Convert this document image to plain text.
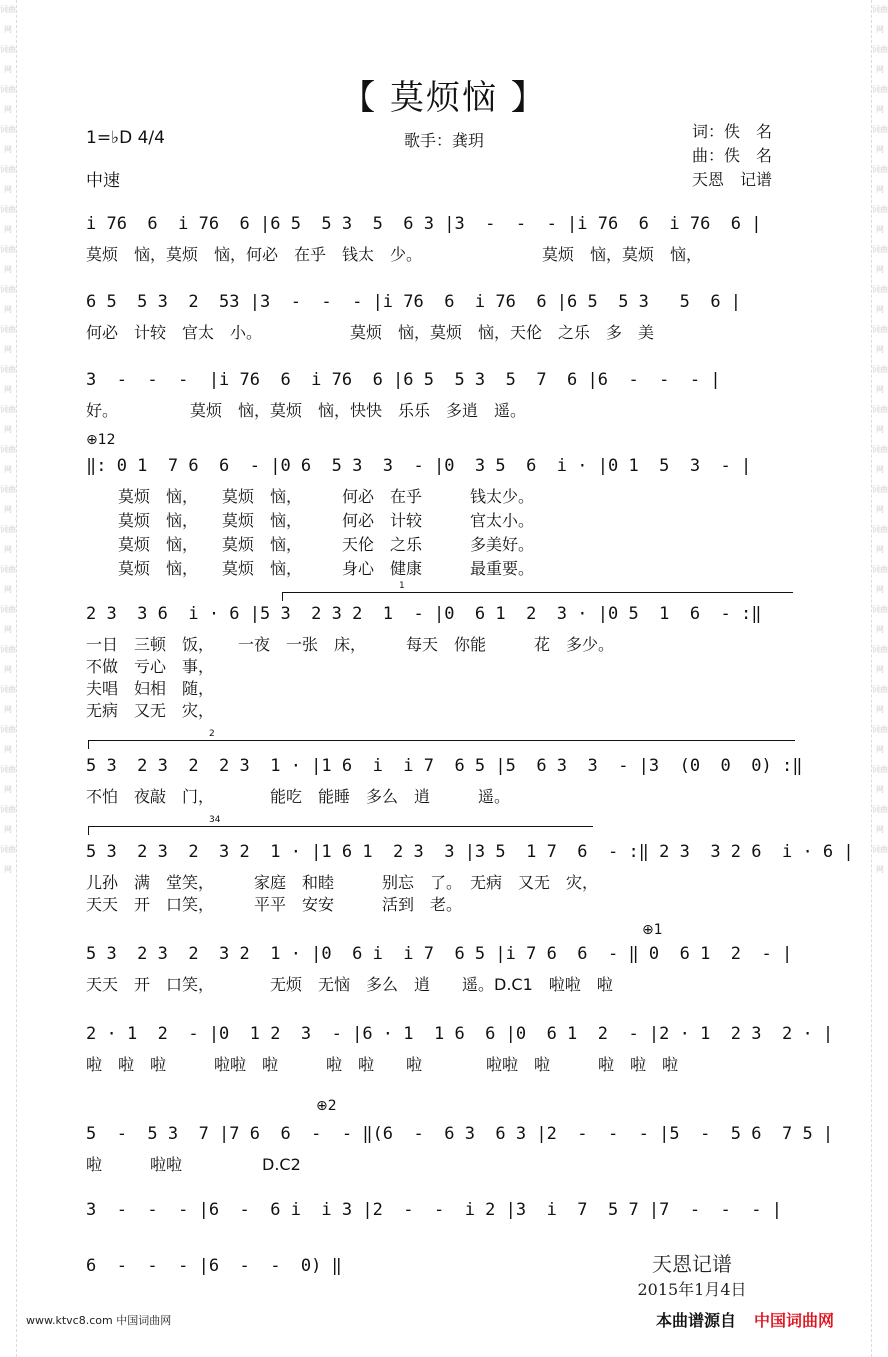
词曲网
词曲网
词曲网
词曲网
词曲网
词曲网
词曲网
词曲网
词曲网
词曲网
词曲网
词曲网
词曲网
词曲网
词曲网
词曲网
词曲网
词曲网
词曲网
词曲网
词曲网
词曲网
词曲网
词曲网
词曲网
词曲网
词曲网
词曲网
词曲网
词曲网
词曲网
词曲网
词曲网
词曲网
词曲网
词曲网
词曲网
词曲网
词曲网
词曲网
词曲网
词曲网
词曲网
词曲网
【 莫烦恼 】
1=♭D 4/4
中速
歌手：龚玥	词：佚　名
曲：佚　名
天恩　记谱
i 76  6  i 76  6 |6 5  5 3  5  6 3 |3  -  -  - |i 76  6  i 76  6 |
莫烦　恼，莫烦　恼，何必　在乎　钱太　少。　　　　　　　　莫烦　恼，莫烦　恼，
6 5  5 3  2  53 |3  -  -  - |i 76  6  i 76  6 |6 5  5 3   5  6 |
何必　计较　官太　小。　　　　　　莫烦　恼，莫烦　恼，天伦　之乐　多　美
3  -  -  -  |i 76  6  i 76  6 |6 5  5 3  5  7  6 |6  -  -  - |
好。　　　　　莫烦　恼，莫烦　恼，快快　乐乐　多逍　遥。
‖: 0 1  7 6  6  - |0 6  5 3  3  - |0  3 5  6  i · |0 1  5  3  - |
　　莫烦　恼，　　莫烦　恼，　　　何必　在乎　　　钱太少。
　　莫烦　恼，　　莫烦　恼，　　　何必　计较　　　官太小。
　　莫烦　恼，　　莫烦　恼，　　　天伦　之乐　　　多美好。
　　莫烦　恼，　　莫烦　恼，　　　身心　健康　　　最重要。
2 3  3 6  i · 6 |5 3  2 3 2  1  - |0  6 1  2  3 · |0 5  1  6  - :‖
一日　三顿　饭，　　一夜　一张　床，　　　每天　你能　　　花　多少。
不做　亏心　事，
夫唱　妇相　随，
无病　又无　灾，
5 3  2 3  2  2 3  1 · |1 6  i  i 7  6 5 |5  6 3  3  - |3  (0  0  0) :‖
不怕　夜敲　门，　　　　能吃　能睡　多么　逍　　　遥。
5 3  2 3  2  3 2  1 · |1 6 1  2 3  3 |3 5  1 7  6  - :‖ 2 3  3 2 6  i · 6 |
儿孙　满　堂笑，　　　家庭　和睦　　　别忘　了。　无病　又无　灾，
天天　开　口笑，　　　平平　安安　　　活到　老。
5 3  2 3  2  3 2  1 · |0  6 i  i 7  6 5 |i 7 6  6  - ‖ 0  6 1  2  - |
天天　开　口笑，　　　　无烦　无恼　多么　逍　　遥。D.C1　啦啦　啦
2 · 1  2  - |0  1 2  3  - |6 · 1  1 6  6 |0  6 1  2  - |2 · 1  2 3  2 · |
啦　啦　啦　　　啦啦　啦　　　啦　啦　　啦　　　　啦啦　啦　　　啦　啦　啦
5  -  5 3  7 |7 6  6  -  - ‖(6  -  6 3  6 3 |2  -  -  - |5  -  5 6  7 5 |
啦　　　啦啦　　　　　D.C2
3  -  -  - |6  -  6 i  i 3 |2  -  -  i 2 |3  i  7  5 7 |7  -  -  - |
6  -  -  - |6  -  -  0) ‖
⊕12
⊕1
⊕2
1
2
34
天恩记谱
2015年1月4日
www.ktvc8.com 中国词曲网	本曲谱源自 中国词曲网
